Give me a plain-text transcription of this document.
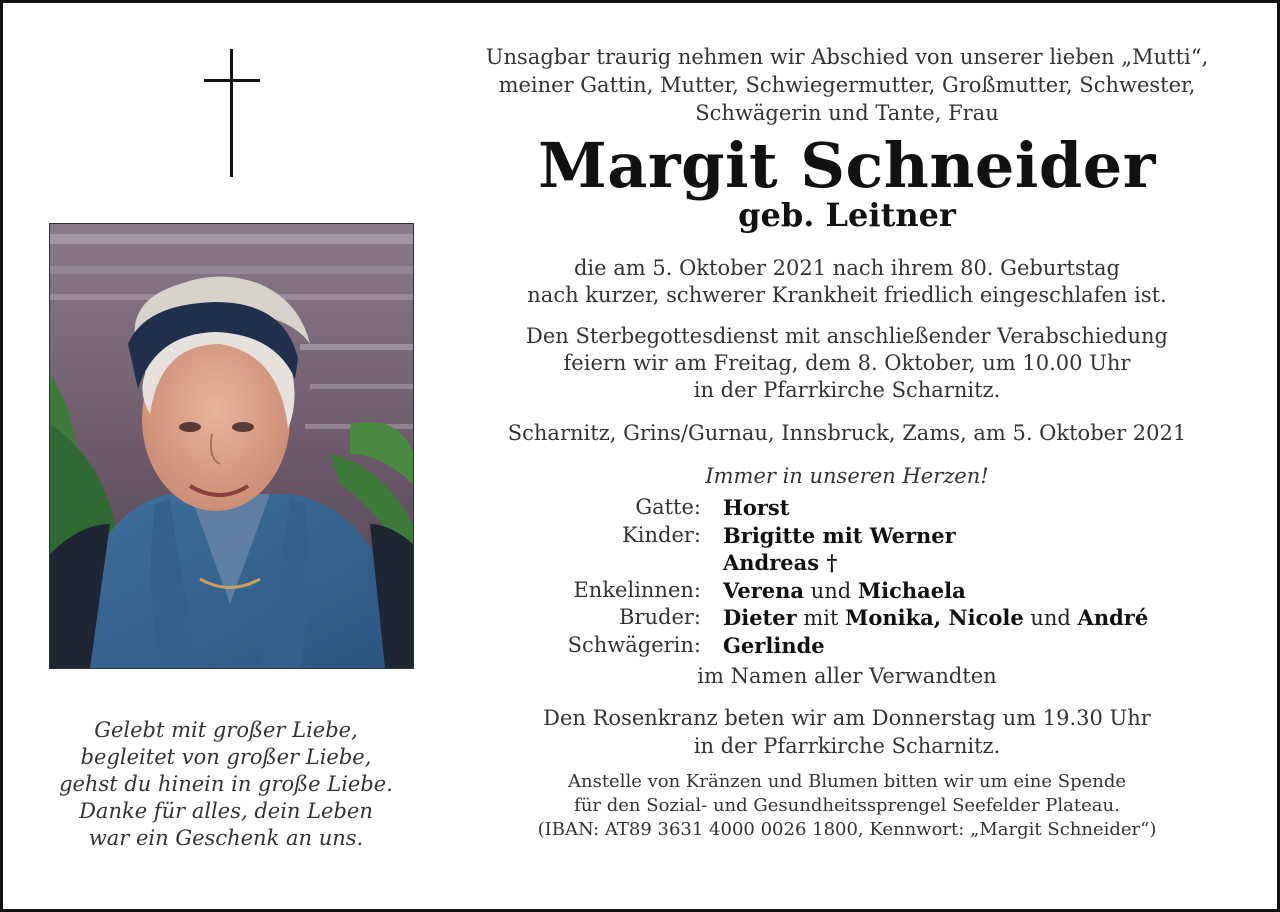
Gelebt mit großer Liebe,
begleitet von großer Liebe,
gehst du hinein in große Liebe.
Danke für alles, dein Leben
war ein Geschenk an uns.
Unsagbar traurig nehmen wir Abschied von unserer lieben „Mutti“,
meiner Gattin, Mutter, Schwiegermutter, Großmutter, Schwester,
Schwägerin und Tante, Frau
Margit Schneider
geb. Leitner
die am 5. Oktober 2021 nach ihrem 80. Geburtstag
nach kurzer, schwerer Krankheit friedlich eingeschlafen ist.
Den Sterbegottesdienst mit anschließender Verabschiedung
feiern wir am Freitag, dem 8. Oktober, um 10.00 Uhr
in der Pfarrkirche Scharnitz.
Scharnitz, Grins/Gurnau, Innsbruck, Zams, am 5. Oktober 2021
Immer in unseren Herzen!
Gatte:	Horst
Kinder:	Brigitte mit Werner
Andreas †
Enkelinnen:	Verena und Michaela
Bruder:	Dieter mit Monika, Nicole und André
Schwägerin:	Gerlinde
im Namen aller Verwandten
Den Rosenkranz beten wir am Donnerstag um 19.30 Uhr
in der Pfarrkirche Scharnitz.
Anstelle von Kränzen und Blumen bitten wir um eine Spende
für den Sozial- und Gesundheitssprengel Seefelder Plateau.
(IBAN: AT89 3631 4000 0026 1800, Kennwort: „Margit Schneider“)
